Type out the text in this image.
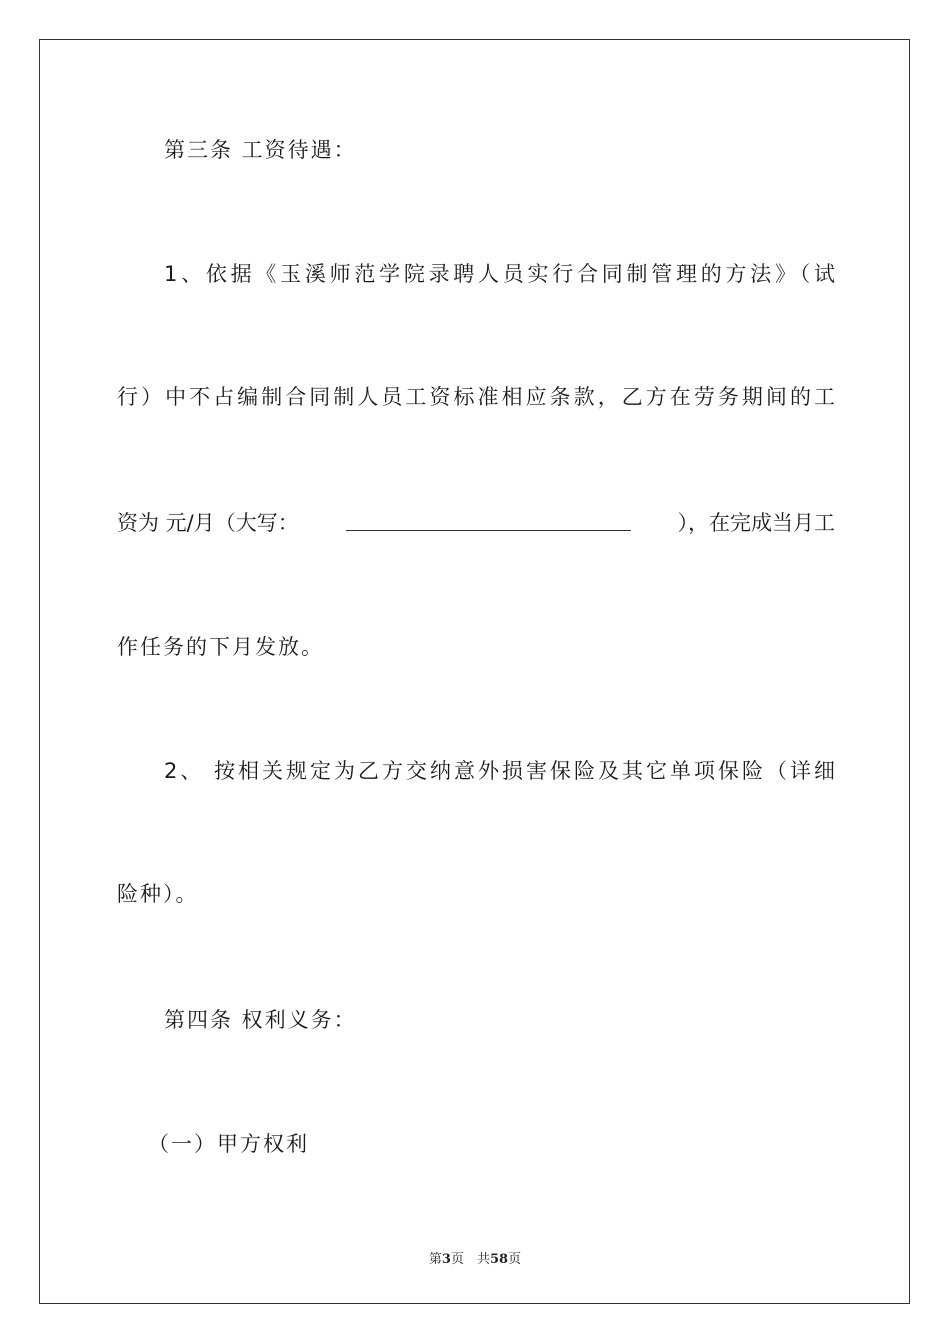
第三条 工资待遇：
1、依据《玉溪师范学院录聘人员实行合同制管理的方法》（试
行）中不占编制合同制人员工资标准相应条款，乙方在劳务期间的工
资为 元/月（大写：	），在完成当月工
作任务的下月发放。
2、 按相关规定为乙方交纳意外损害保险及其它单项保险（详细
险种）。
第四条 权利义务：
（一）甲方权利
第3页　共58页
